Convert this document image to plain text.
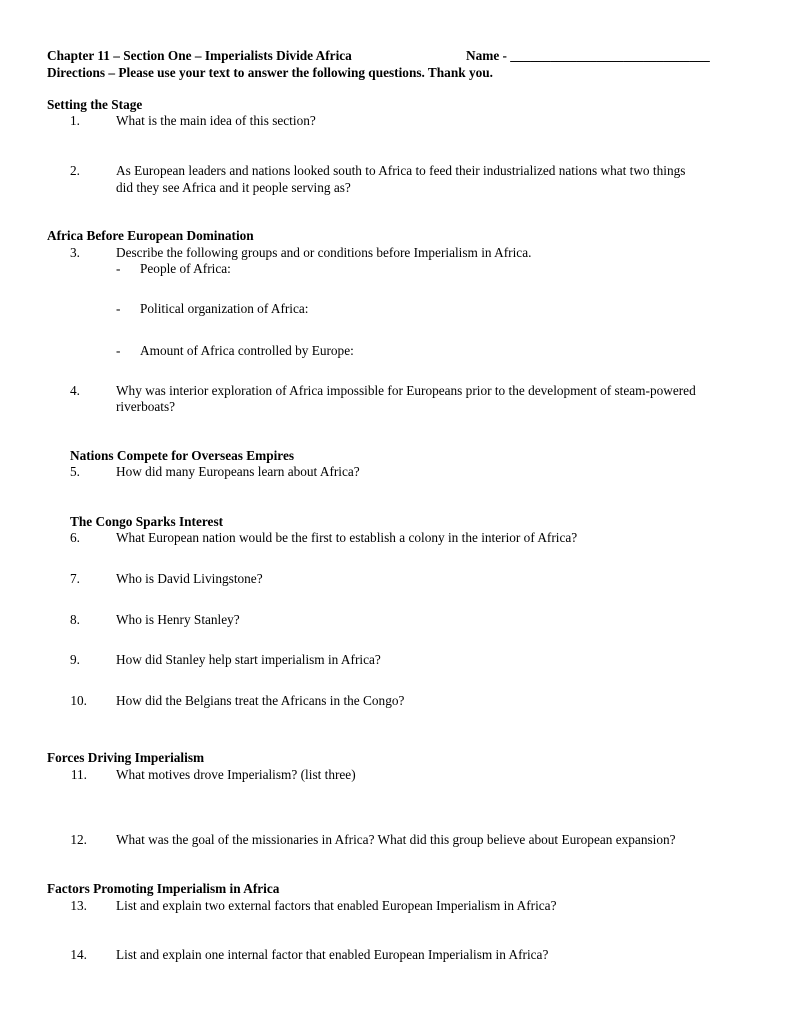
Chapter 11 – Section One – Imperialists Divide Africa	Name - ______________________________
Directions – Please use your text to answer the following questions. Thank you.
Setting the Stage
1.	What is the main idea of this section?
2.	As European leaders and nations looked south to Africa to feed their industrialized nations what two things
did they see Africa and it people serving as?
Africa Before European Domination
3.	Describe the following groups and or conditions before Imperialism in Africa.
- People of Africa:
- Political organization of Africa:
- Amount of Africa controlled by Europe:
4.	Why was interior exploration of Africa impossible for Europeans prior to the development of steam-powered
riverboats?
Nations Compete for Overseas Empires
5.	How did many Europeans learn about Africa?
The Congo Sparks Interest
6.	What European nation would be the first to establish a colony in the interior of Africa?
7.	Who is David Livingstone?
8.	Who is Henry Stanley?
9.	How did Stanley help start imperialism in Africa?
10. How did the Belgians treat the Africans in the Congo?
Forces Driving Imperialism
11. What motives drove Imperialism? (list three)
12. What was the goal of the missionaries in Africa? What did this group believe about European expansion?
Factors Promoting Imperialism in Africa
13. List and explain two external factors that enabled European Imperialism in Africa?
14. List and explain one internal factor that enabled European Imperialism in Africa?
